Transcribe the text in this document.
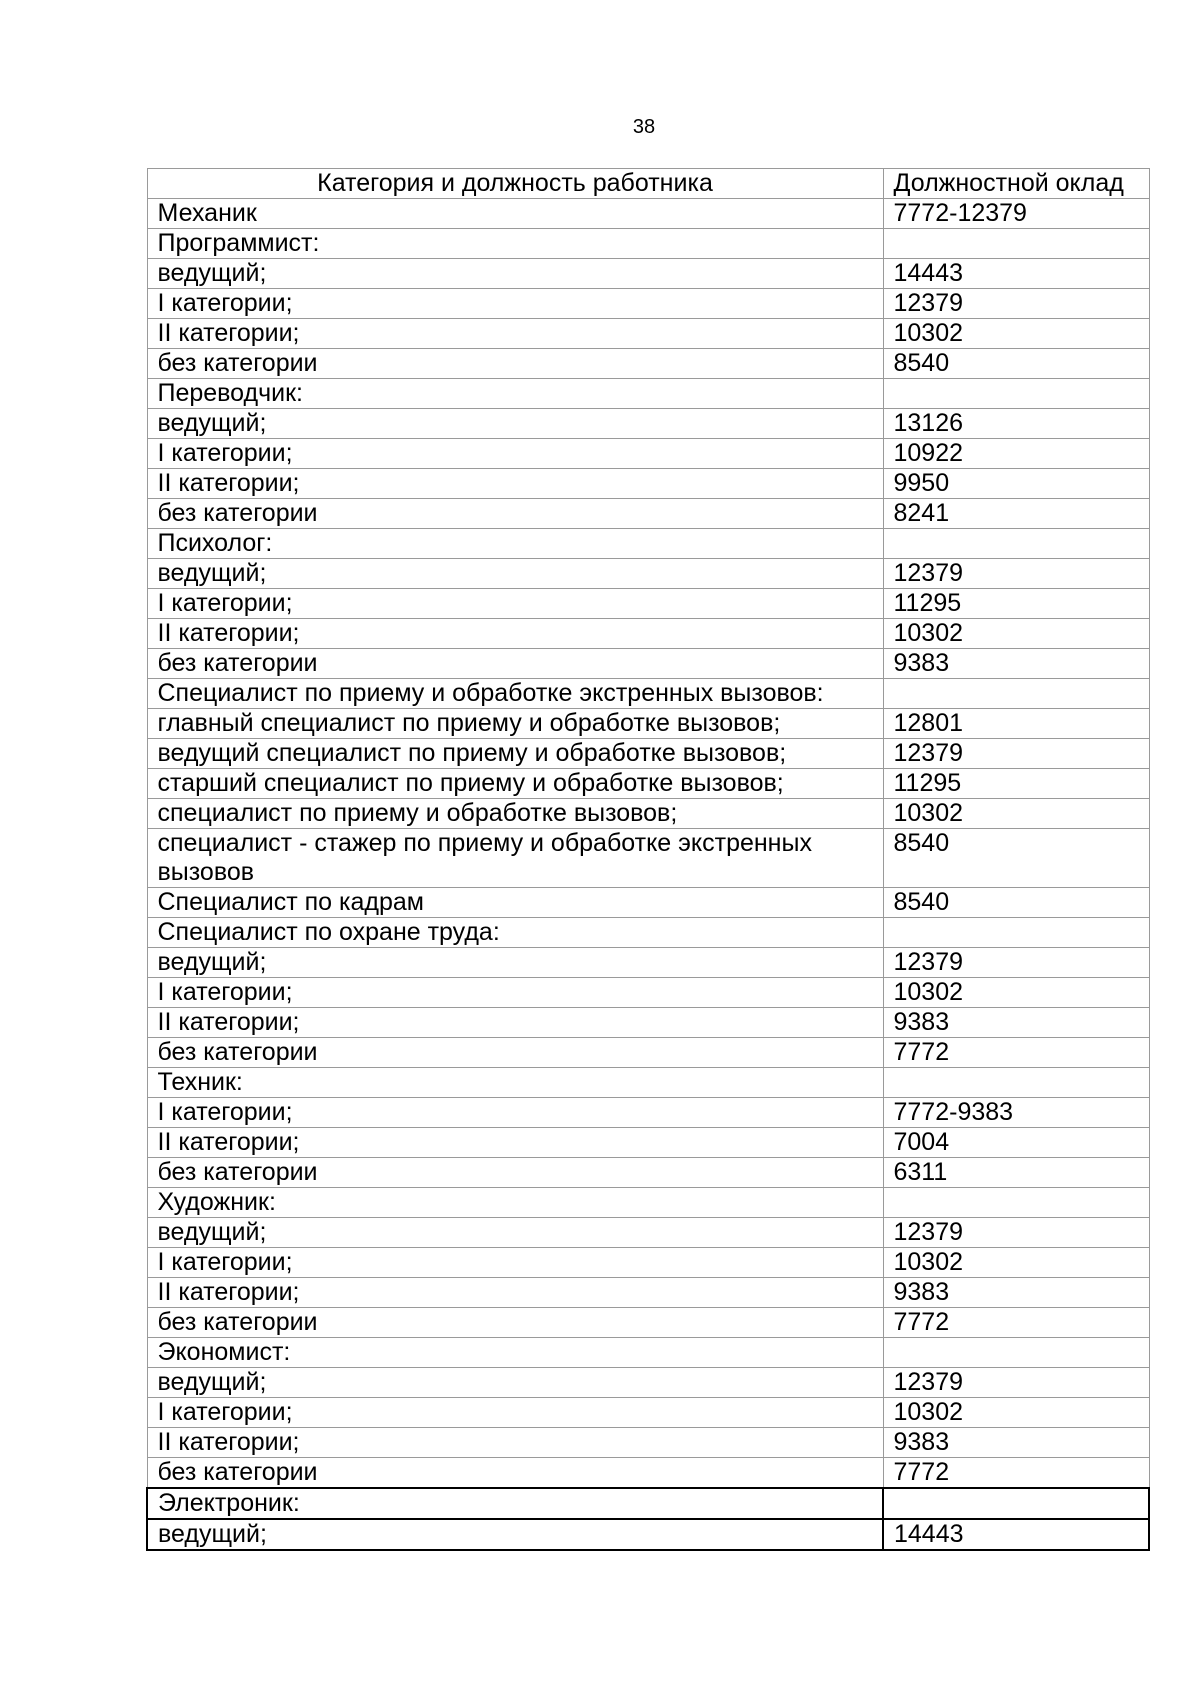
38
Категория и должность работника	Должностной оклад
Механик	7772-12379
Программист:	
ведущий;	14443
I категории;	12379
II категории;	10302
без категории	8540
Переводчик:	
ведущий;	13126
I категории;	10922
II категории;	9950
без категории	8241
Психолог:	
ведущий;	12379
I категории;	11295
II категории;	10302
без категории	9383
Специалист по приему и обработке экстренных вызовов:	
главный специалист по приему и обработке вызовов;	12801
ведущий специалист по приему и обработке вызовов;	12379
старший специалист по приему и обработке вызовов;	11295
специалист по приему и обработке вызовов;	10302
специалист - стажер по приему и обработке экстренных вызовов	8540
Специалист по кадрам	8540
Специалист по охране труда:	
ведущий;	12379
I категории;	10302
II категории;	9383
без категории	7772
Техник:	
I категории;	7772-9383
II категории;	7004
без категории	6311
Художник:	
ведущий;	12379
I категории;	10302
II категории;	9383
без категории	7772
Экономист:	
ведущий;	12379
I категории;	10302
II категории;	9383
без категории	7772
Электроник:	
ведущий;	14443
